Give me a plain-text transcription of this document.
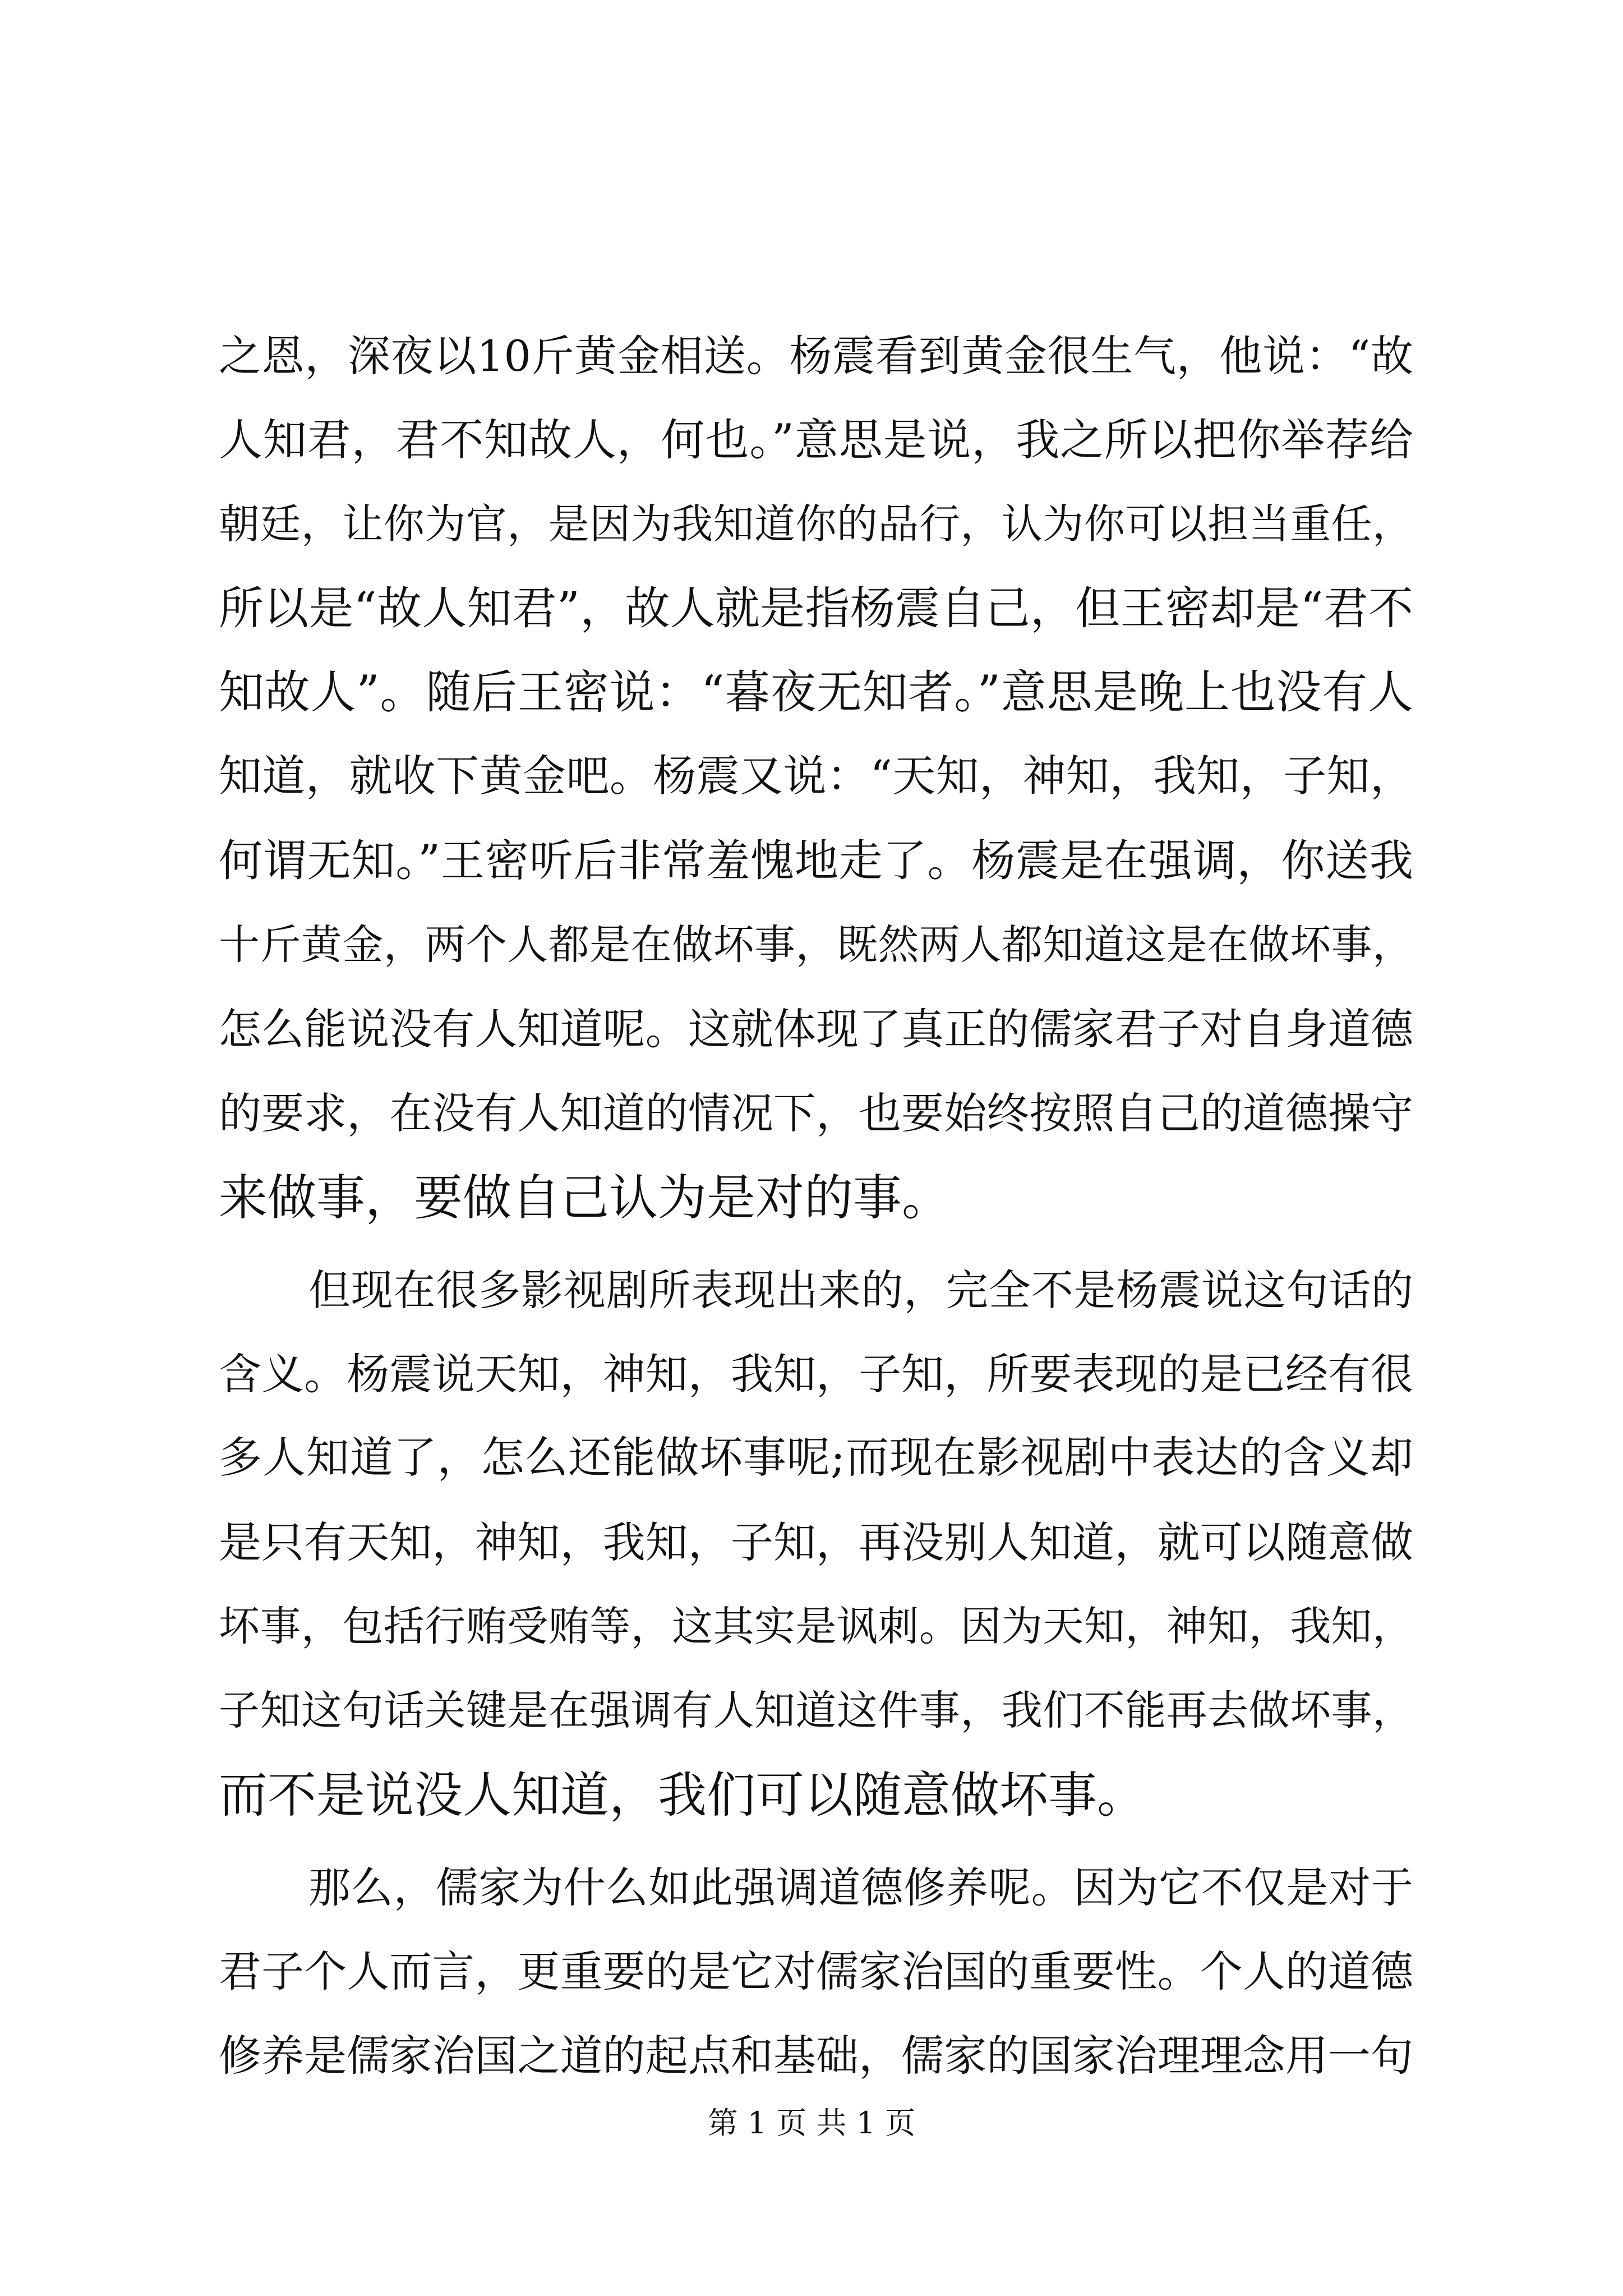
之恩，深夜以10斤黄金相送。杨震看到黄金很生气，他说：“故
人知君，君不知故人，何也。”意思是说，我之所以把你举荐给
朝廷，让你为官，是因为我知道你的品行，认为你可以担当重任，
所以是“故人知君”，故人就是指杨震自己，但王密却是“君不
知故人”。随后王密说：“暮夜无知者。”意思是晚上也没有人
知道，就收下黄金吧。杨震又说：“天知，神知，我知，子知，
何谓无知。”王密听后非常羞愧地走了。杨震是在强调，你送我
十斤黄金，两个人都是在做坏事，既然两人都知道这是在做坏事，
怎么能说没有人知道呢。这就体现了真正的儒家君子对自身道德
的要求，在没有人知道的情况下，也要始终按照自己的道德操守
来做事，要做自己认为是对的事。
但现在很多影视剧所表现出来的，完全不是杨震说这句话的
含义。杨震说天知，神知，我知，子知，所要表现的是已经有很
多人知道了，怎么还能做坏事呢;而现在影视剧中表达的含义却
是只有天知，神知，我知，子知，再没别人知道，就可以随意做
坏事，包括行贿受贿等，这其实是讽刺。因为天知，神知，我知，
子知这句话关键是在强调有人知道这件事，我们不能再去做坏事，
而不是说没人知道，我们可以随意做坏事。
那么，儒家为什么如此强调道德修养呢。因为它不仅是对于
君子个人而言，更重要的是它对儒家治国的重要性。个人的道德
修养是儒家治国之道的起点和基础，儒家的国家治理理念用一句
第 1 页 共 1 页
